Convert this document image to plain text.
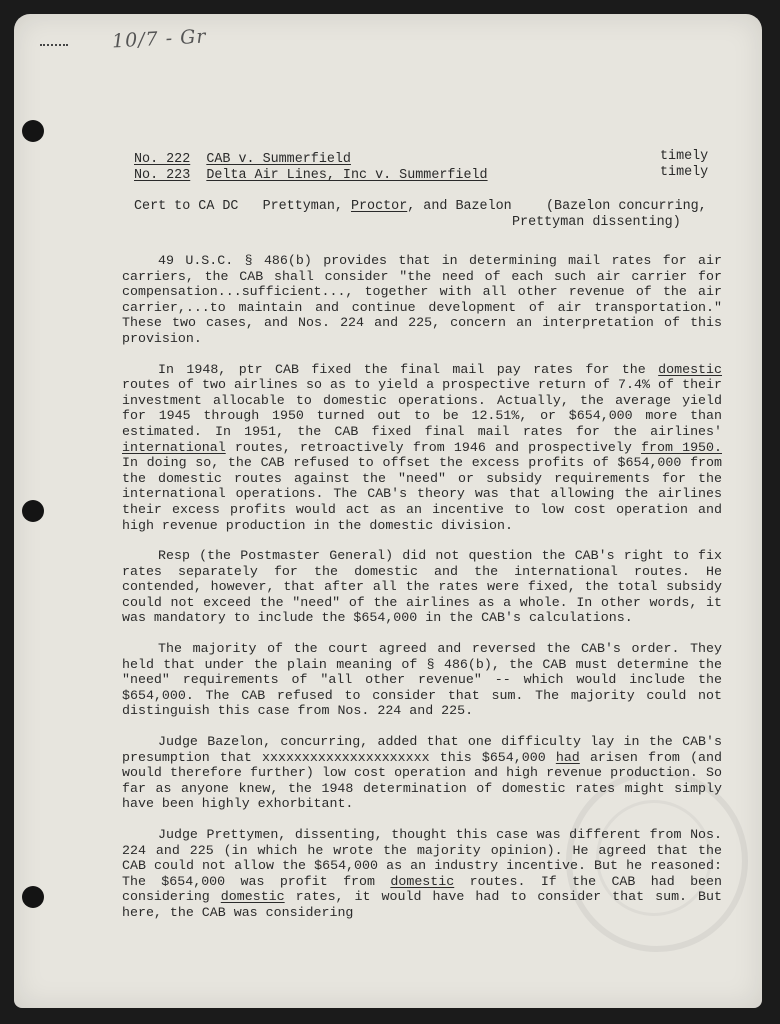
10/7 - Gr
No. 222 CAB v. Summerfield	timely
No. 223 Delta Air Lines, Inc v. Summerfield	timely
Cert to CA DC Prettyman, Proctor, and Bazelon	(Bazelon concurring,
Prettyman dissenting)

49 U.S.C. § 486(b) provides that in determining mail rates for air carriers, the CAB shall consider "the need of each such air carrier for compensation...sufficient..., together with all other revenue of the air carrier,...to maintain and continue development of air transportation." These two cases, and Nos. 224 and 225, concern an interpretation of this provision.

In 1948, ptr CAB fixed the final mail pay rates for the domestic routes of two airlines so as to yield a prospective return of 7.4% of their investment allocable to domestic operations. Actually, the average yield for 1945 through 1950 turned out to be 12.51%, or $654,000 more than estimated. In 1951, the CAB fixed final mail rates for the airlines' international routes, retroactively from 1946 and prospectively from 1950. In doing so, the CAB refused to offset the excess profits of $654,000 from the domestic routes against the "need" or subsidy requirements for the international operations. The CAB's theory was that allowing the airlines their excess profits would act as an incentive to low cost operation and high revenue production in the domestic division.

Resp (the Postmaster General) did not question the CAB's right to fix rates separately for the domestic and the international routes. He contended, however, that after all the rates were fixed, the total subsidy could not exceed the "need" of the airlines as a whole. In other words, it was mandatory to include the $654,000 in the CAB's calculations.

The majority of the court agreed and reversed the CAB's order. They held that under the plain meaning of § 486(b), the CAB must determine the "need" requirements of "all other revenue" -- which would include the $654,000. The CAB refused to consider that sum. The majority could not distinguish this case from Nos. 224 and 225.

Judge Bazelon, concurring, added that one difficulty lay in the CAB's presumption that xxxxxxxxxxxxxxxxxxxxx this $654,000 had arisen from (and would therefore further) low cost operation and high revenue production. So far as anyone knew, the 1948 determination of domestic rates might simply have been highly exhorbitant.

Judge Prettymen, dissenting, thought this case was different from Nos. 224 and 225 (in which he wrote the majority opinion). He agreed that the CAB could not allow the $654,000 as an industry incentive. But he reasoned: The $654,000 was profit from domestic routes. If the CAB had been considering domestic rates, it would have had to consider that sum. But here, the CAB was considering
